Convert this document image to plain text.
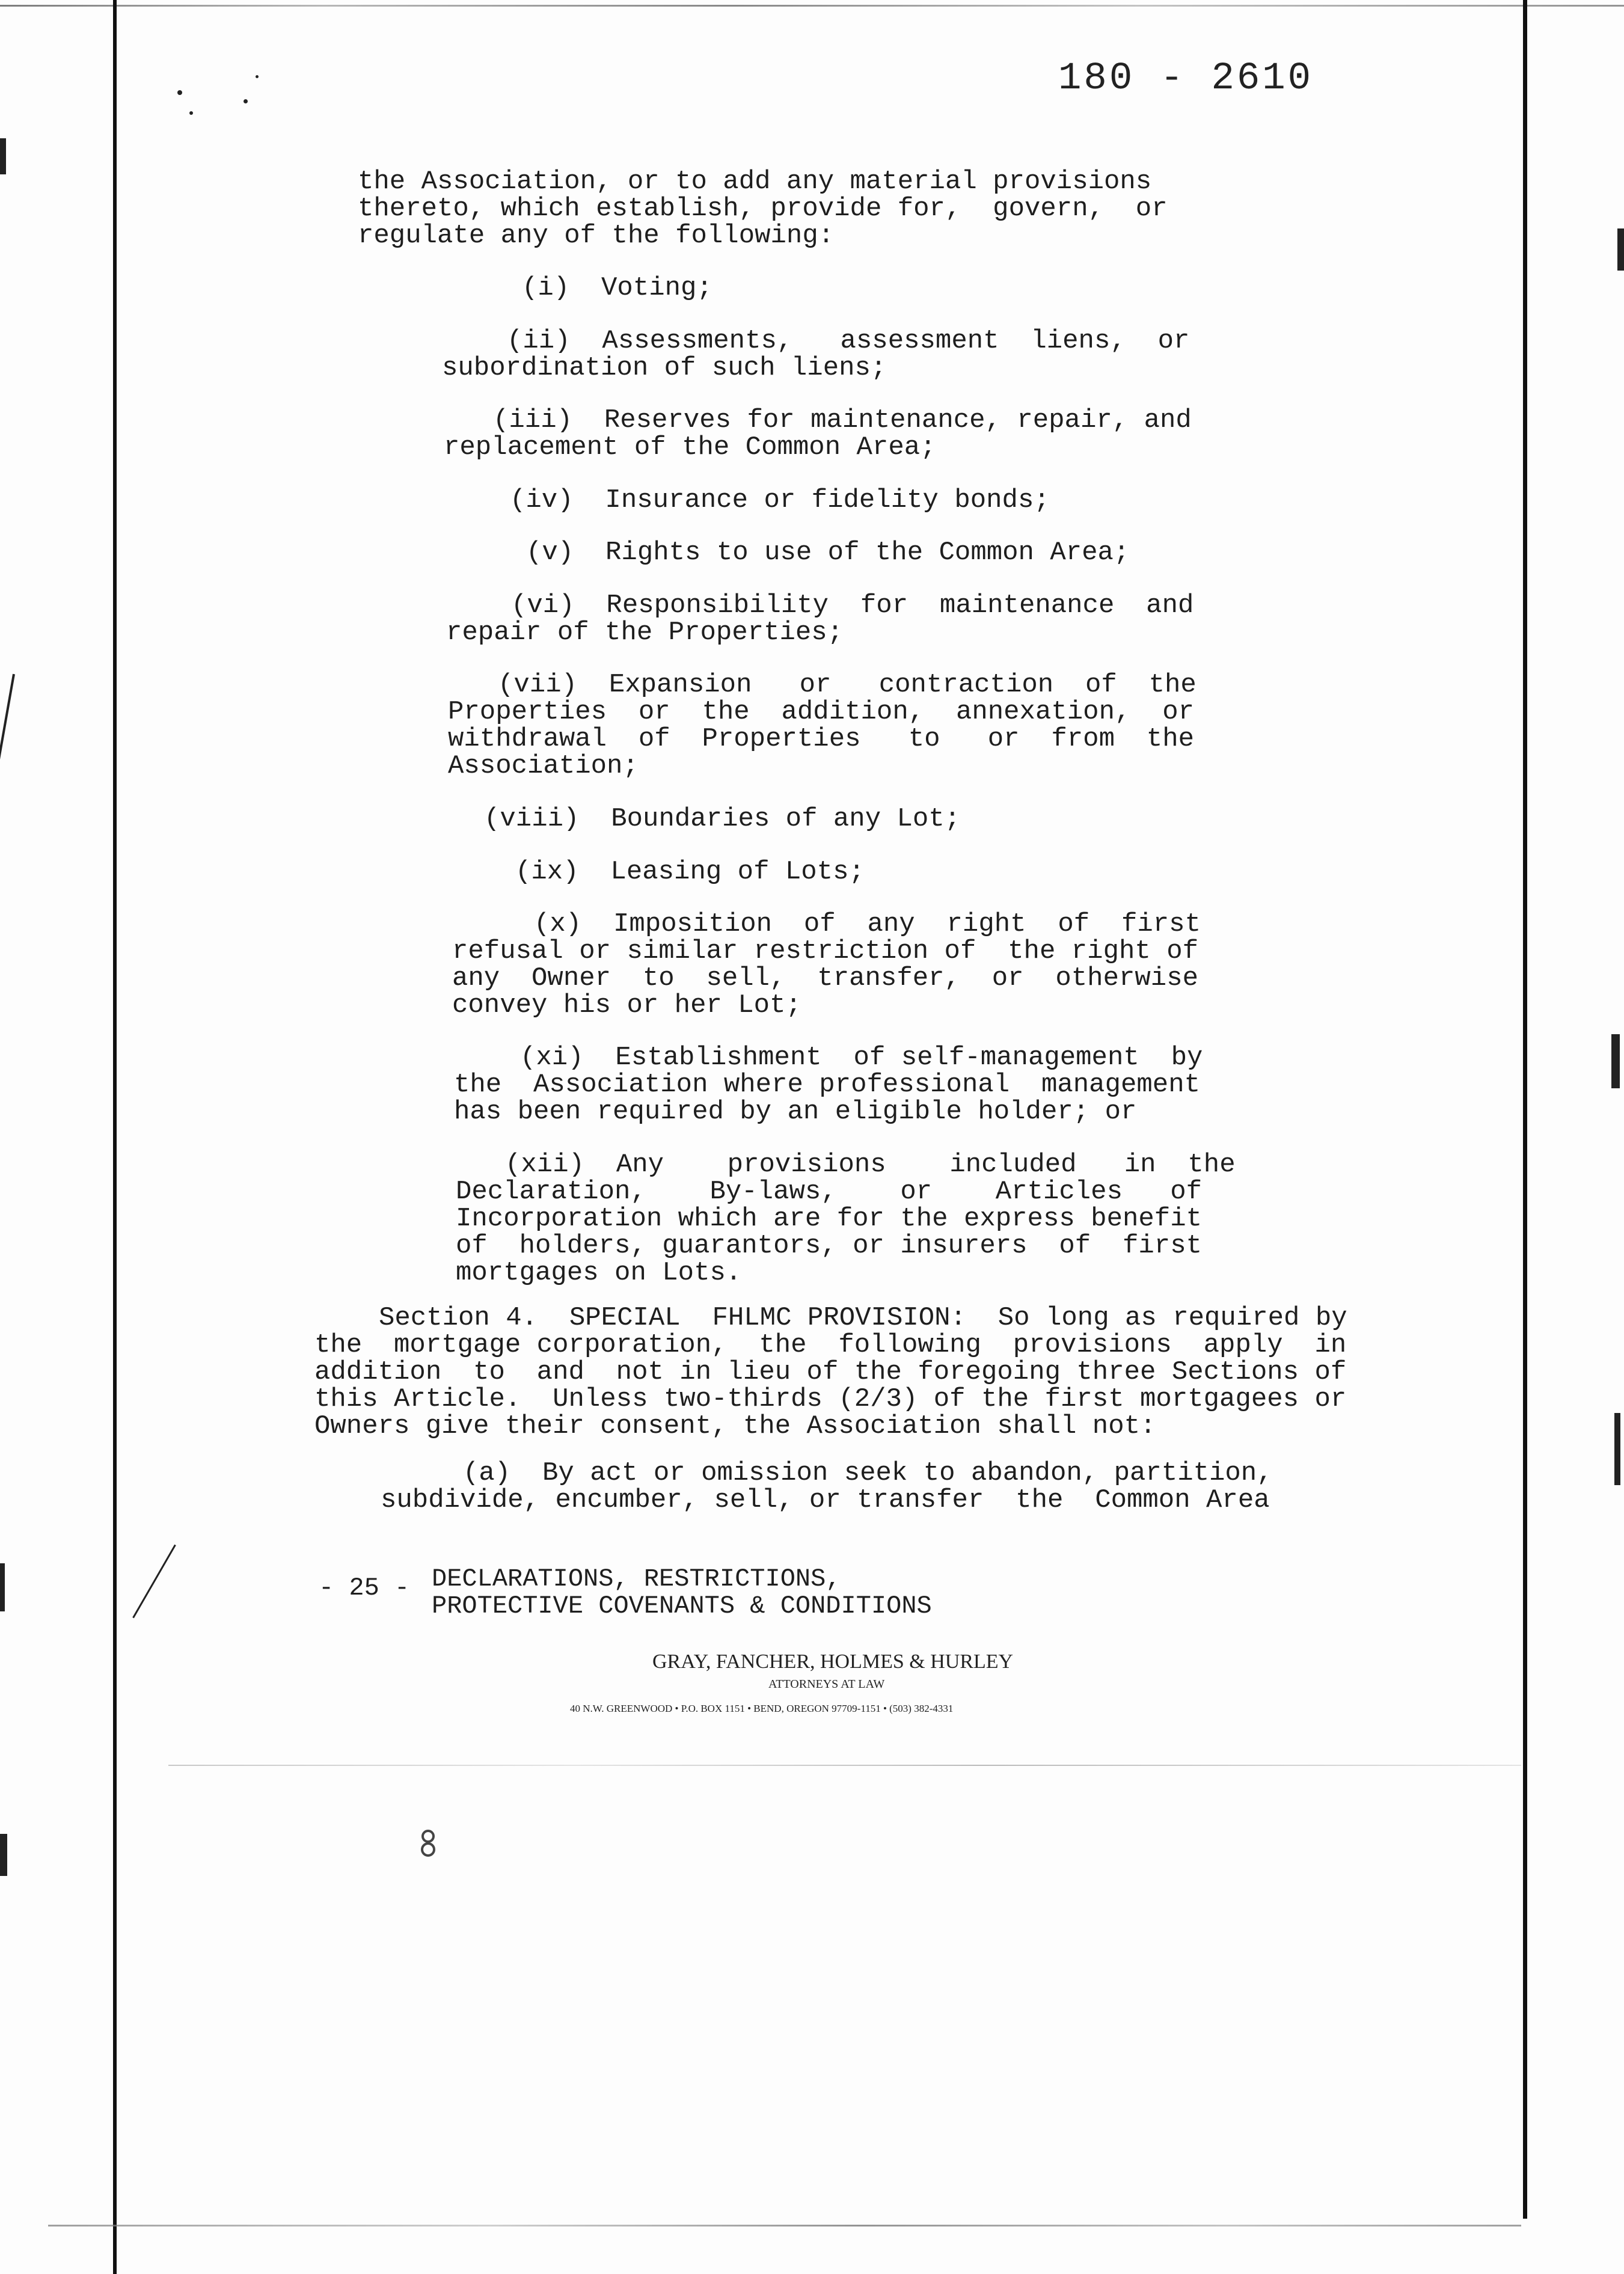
180 - 2610
the Association, or to add any material provisions
thereto, which establish, provide for,  govern,  or
regulate any of the following:
(i)  Voting;
(ii)  Assessments,   assessment  liens,  or
subordination of such liens;
(iii)  Reserves for maintenance, repair, and
replacement of the Common Area;
(iv)  Insurance or fidelity bonds;
(v)  Rights to use of the Common Area;
(vi)  Responsibility  for  maintenance  and
repair of the Properties;
(vii)  Expansion   or   contraction  of  the
Properties  or  the  addition,  annexation,  or
withdrawal  of  Properties   to   or  from  the
Association;
(viii)  Boundaries of any Lot;
(ix)  Leasing of Lots;
(x)  Imposition  of  any  right  of  first
refusal or similar restriction of  the right of
any  Owner  to  sell,  transfer,  or  otherwise
convey his or her Lot;
(xi)  Establishment  of self-management  by
the  Association where professional  management
has been required by an eligible holder; or
(xii)  Any    provisions    included   in  the
Declaration,    By-laws,    or    Articles   of
Incorporation which are for the express benefit
of  holders, guarantors, or insurers  of  first
mortgages on Lots.
Section 4.  SPECIAL  FHLMC PROVISION:  So long as required by
the  mortgage corporation,  the  following  provisions  apply  in
addition  to  and  not in lieu of the foregoing three Sections of
this Article.  Unless two-thirds (2/3) of the first mortgagees or
Owners give their consent, the Association shall not:
(a)  By act or omission seek to abandon, partition,
subdivide, encumber, sell, or transfer  the  Common Area
- 25 - DECLARATIONS, RESTRICTIONS,
PROTECTIVE COVENANTS & CONDITIONS
GRAY, FANCHER, HOLMES & HURLEY
ATTORNEYS AT LAW
40 N.W. GREENWOOD • P.O. BOX 1151 • BEND, OREGON 97709-1151 • (503) 382-4331
